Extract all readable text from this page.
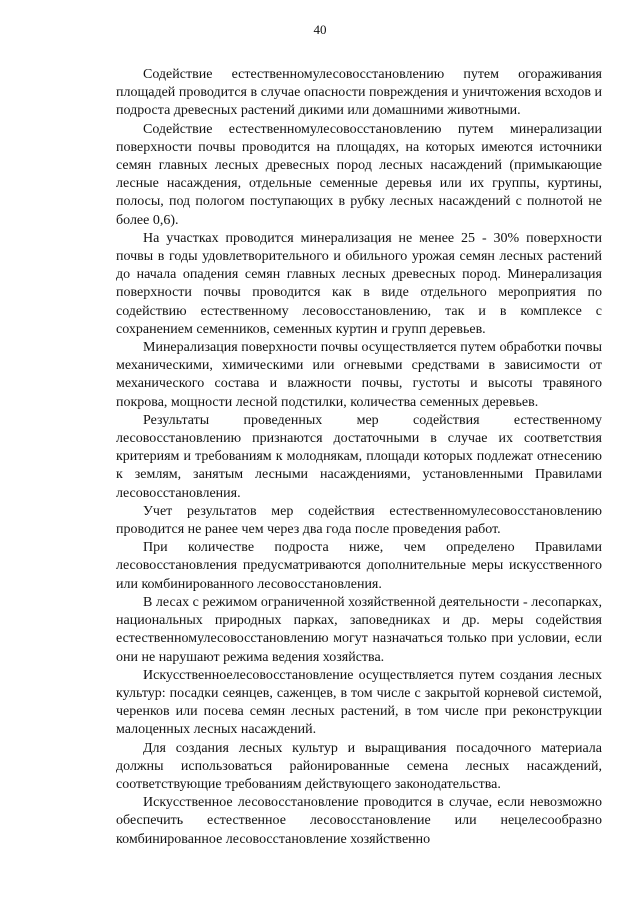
40

Содействие естественномулесовосстановлению путем огораживания площадей проводится в случае опасности повреждения и уничтожения всходов и подроста древесных растений дикими или домашними животными.

Содействие естественномулесовосстановлению путем минерализации поверхности почвы проводится на площадях, на которых имеются источники семян главных лесных древесных пород лесных насаждений (примыкающие лесные насаждения, отдельные семенные деревья или их группы, куртины, полосы, под пологом поступающих в рубку лесных насаждений с полнотой не более 0,6).

На участках проводится минерализация не менее 25 - 30% поверхности почвы в годы удовлетворительного и обильного урожая семян лесных растений до начала опадения семян главных лесных древесных пород. Минерализация поверхности почвы проводится как в виде отдельного мероприятия по содействию естественному лесовосстановлению, так и в комплексе с сохранением семенников, семенных куртин и групп деревьев.

Минерализация поверхности почвы осуществляется путем обработки почвы механическими, химическими или огневыми средствами в зависимости от механического состава и влажности почвы, густоты и высоты травяного покрова, мощности лесной подстилки, количества семенных деревьев.

Результаты проведенных мер содействия естественному лесовосстановлению признаются достаточными в случае их соответствия критериям и требованиям к молоднякам, площади которых подлежат отнесению к землям, занятым лесными насаждениями, установленными Правилами лесовосстановления.

Учет результатов мер содействия естественномулесовосстановлению проводится не ранее чем через два года после проведения работ.

При количестве подроста ниже, чем определено Правилами лесовосстановления предусматриваются дополнительные меры искусственного или комбинированного лесовосстановления.

В лесах с режимом ограниченной хозяйственной деятельности - лесопарках, национальных природных парках, заповедниках и др. меры содействия естественномулесовосстановлению могут назначаться только при условии, если они не нарушают режима ведения хозяйства.

Искусственноелесовосстановление осуществляется путем создания лесных культур: посадки сеянцев, саженцев, в том числе с закрытой корневой системой, черенков или посева семян лесных растений, в том числе при реконструкции малоценных лесных насаждений.

Для создания лесных культур и выращивания посадочного материала должны использоваться районированные семена лесных насаждений, соответствующие требованиям действующего законодательства.

Искусственное лесовосстановление проводится в случае, если невозможно обеспечить естественное лесовосстановление или нецелесообразно комбинированное лесовосстановление хозяйственно
